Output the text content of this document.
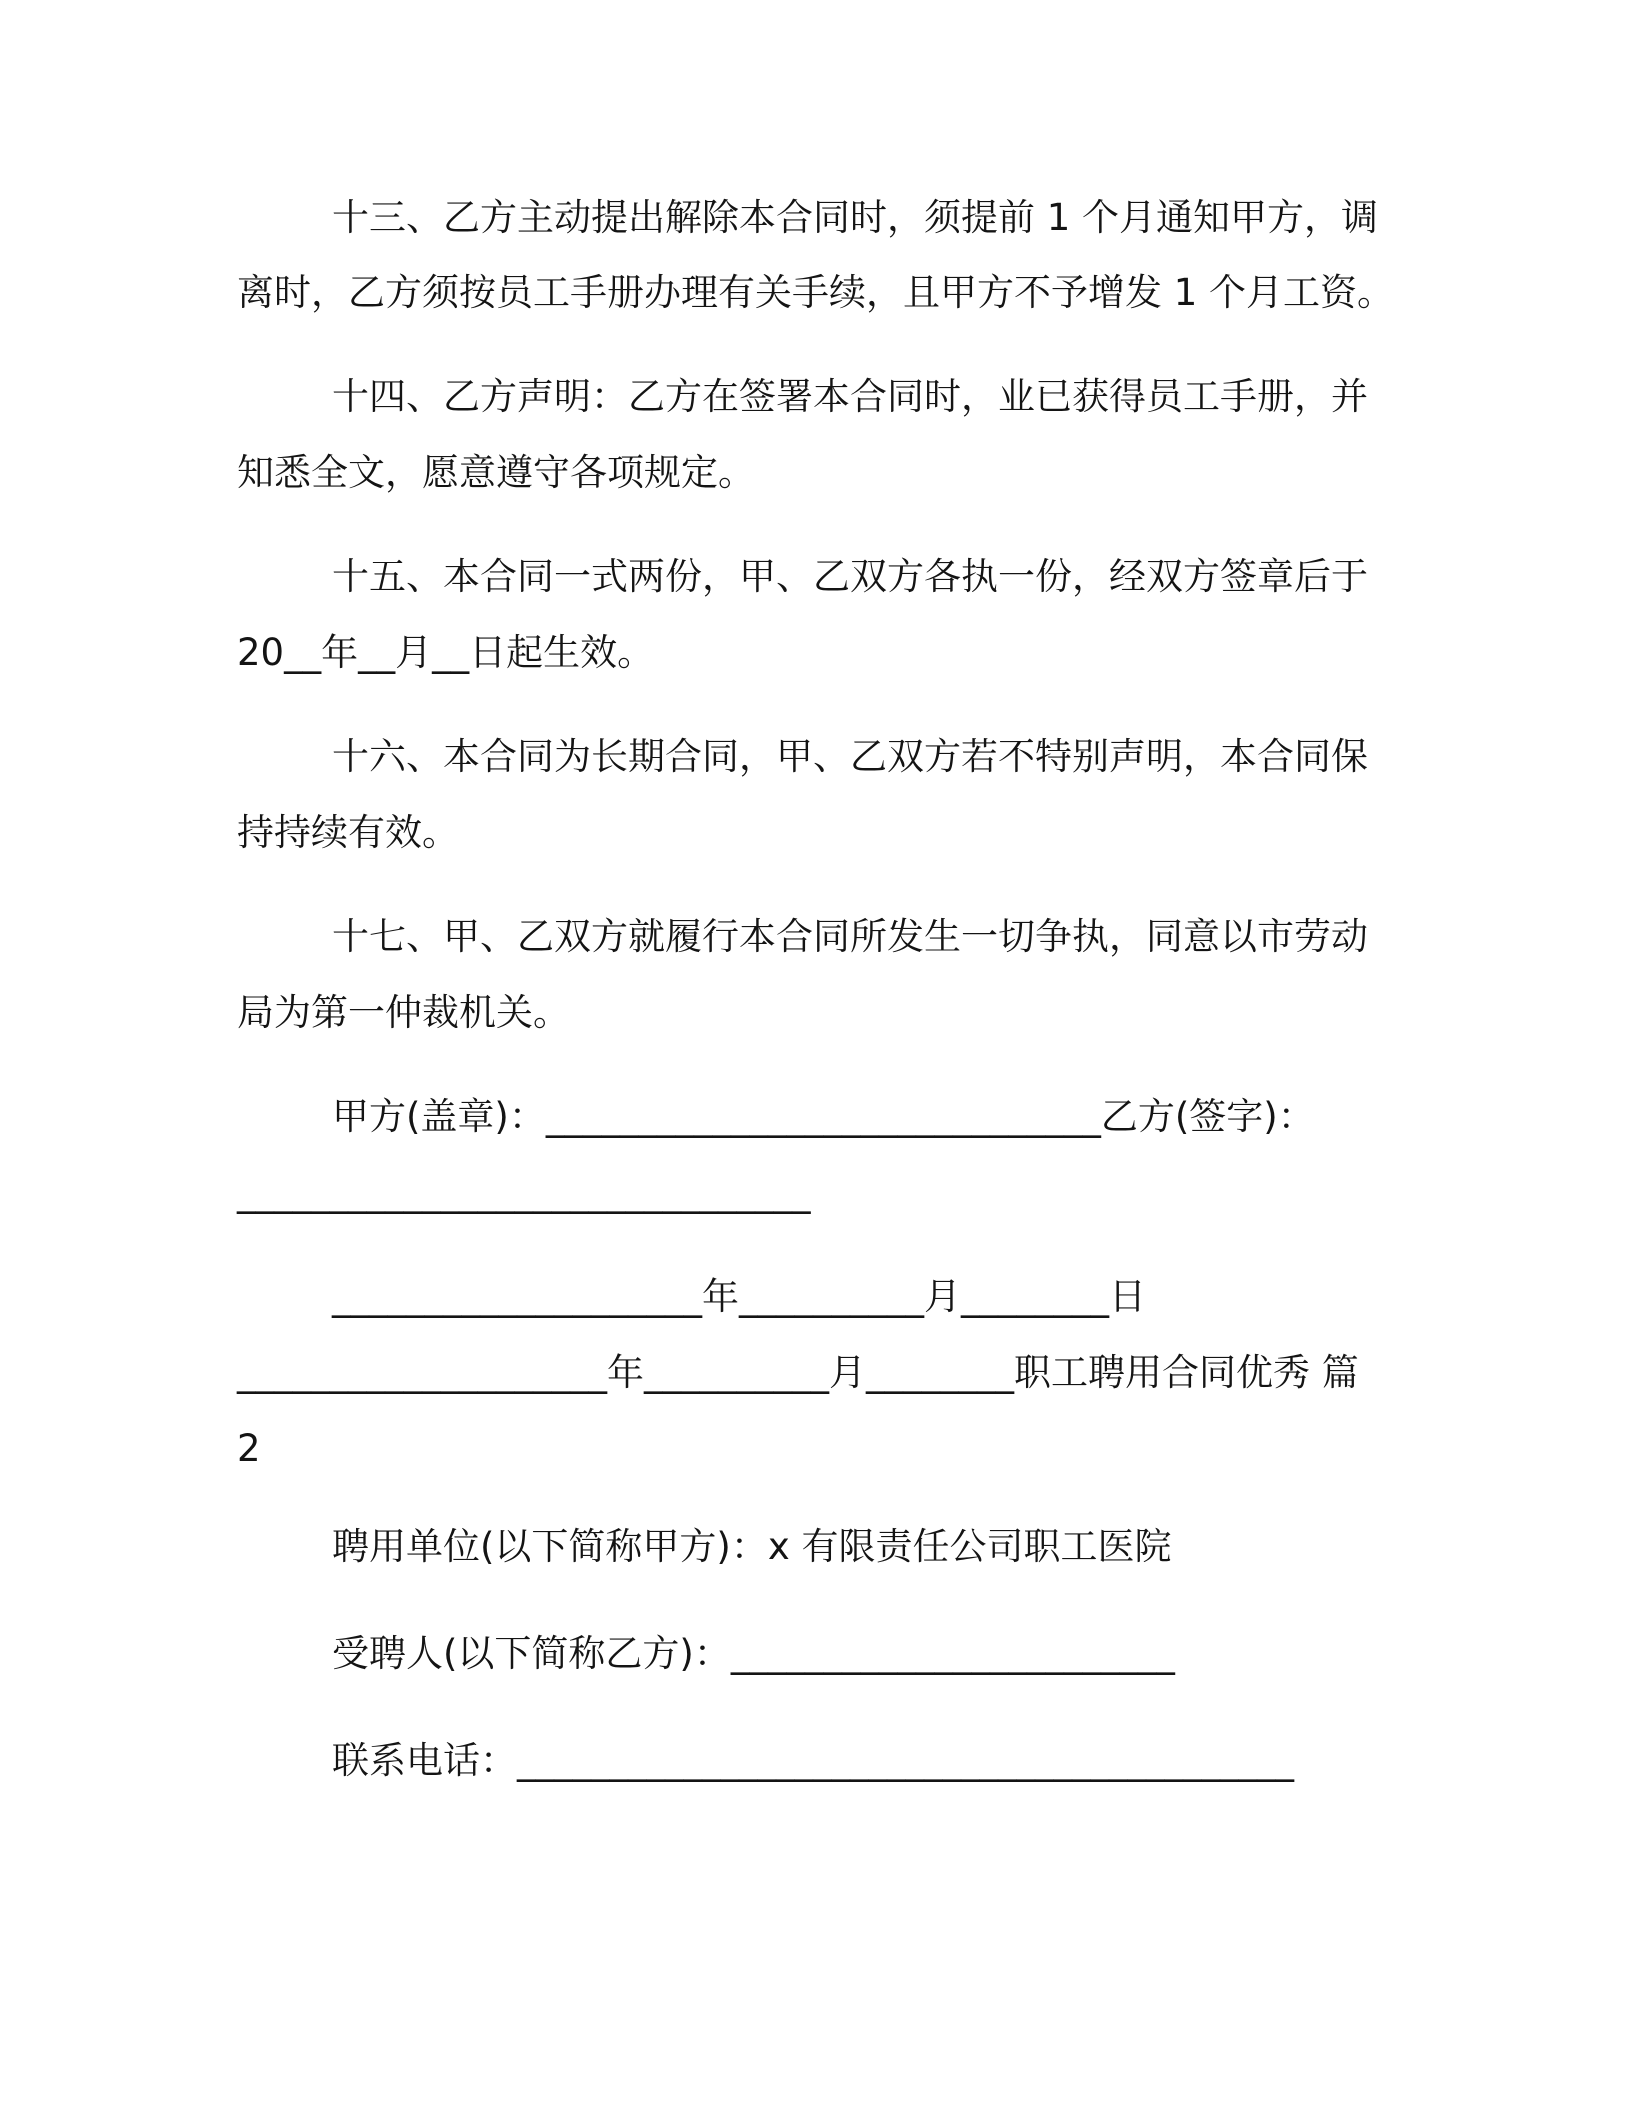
十三、乙方主动提出解除本合同时，须提前 1 个月通知甲方，调
离时，乙方须按员工手册办理有关手续，且甲方不予增发 1 个月工资。
十四、乙方声明：乙方在签署本合同时，业已获得员工手册，并
知悉全文，愿意遵守各项规定。
十五、本合同一式两份，甲、乙双方各执一份，经双方签章后于
20__年__月__日起生效。
十六、本合同为长期合同，甲、乙双方若不特别声明，本合同保
持持续有效。
十七、甲、乙双方就履行本合同所发生一切争执，同意以市劳动
局为第一仲裁机关。
甲方(盖章)：______________________________乙方(签字)：
_______________________________
____________________年__________月________日
____________________年__________月________职工聘用合同优秀 篇
2
聘用单位(以下简称甲方)：x 有限责任公司职工医院
受聘人(以下简称乙方)：________________________
联系电话：__________________________________________
